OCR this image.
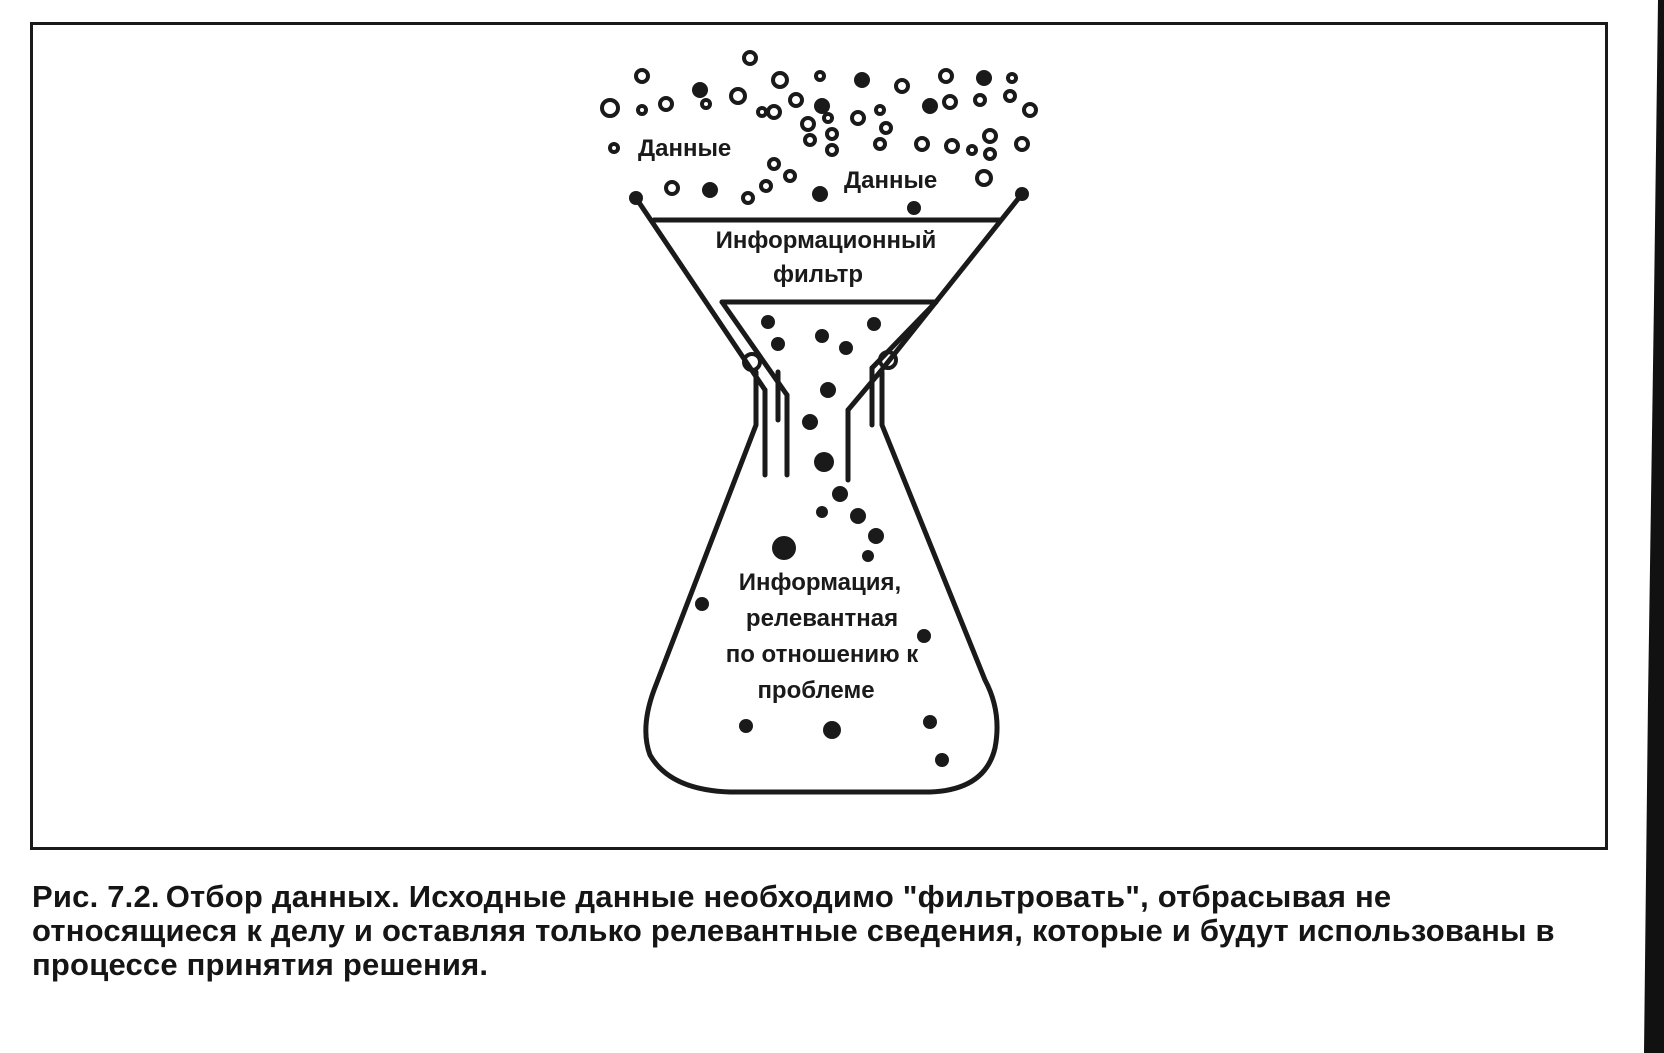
Данные
Данные
Информационный
фильтр
Информация,
релевантная
по отношению к
проблеме
Рис. 7.2. Отбор данных. Исходные данные необходимо "фильтровать", отбрасывая не относящиеся к делу и оставляя только релевантные сведения, которые и будут использованы в процессе принятия решения.
